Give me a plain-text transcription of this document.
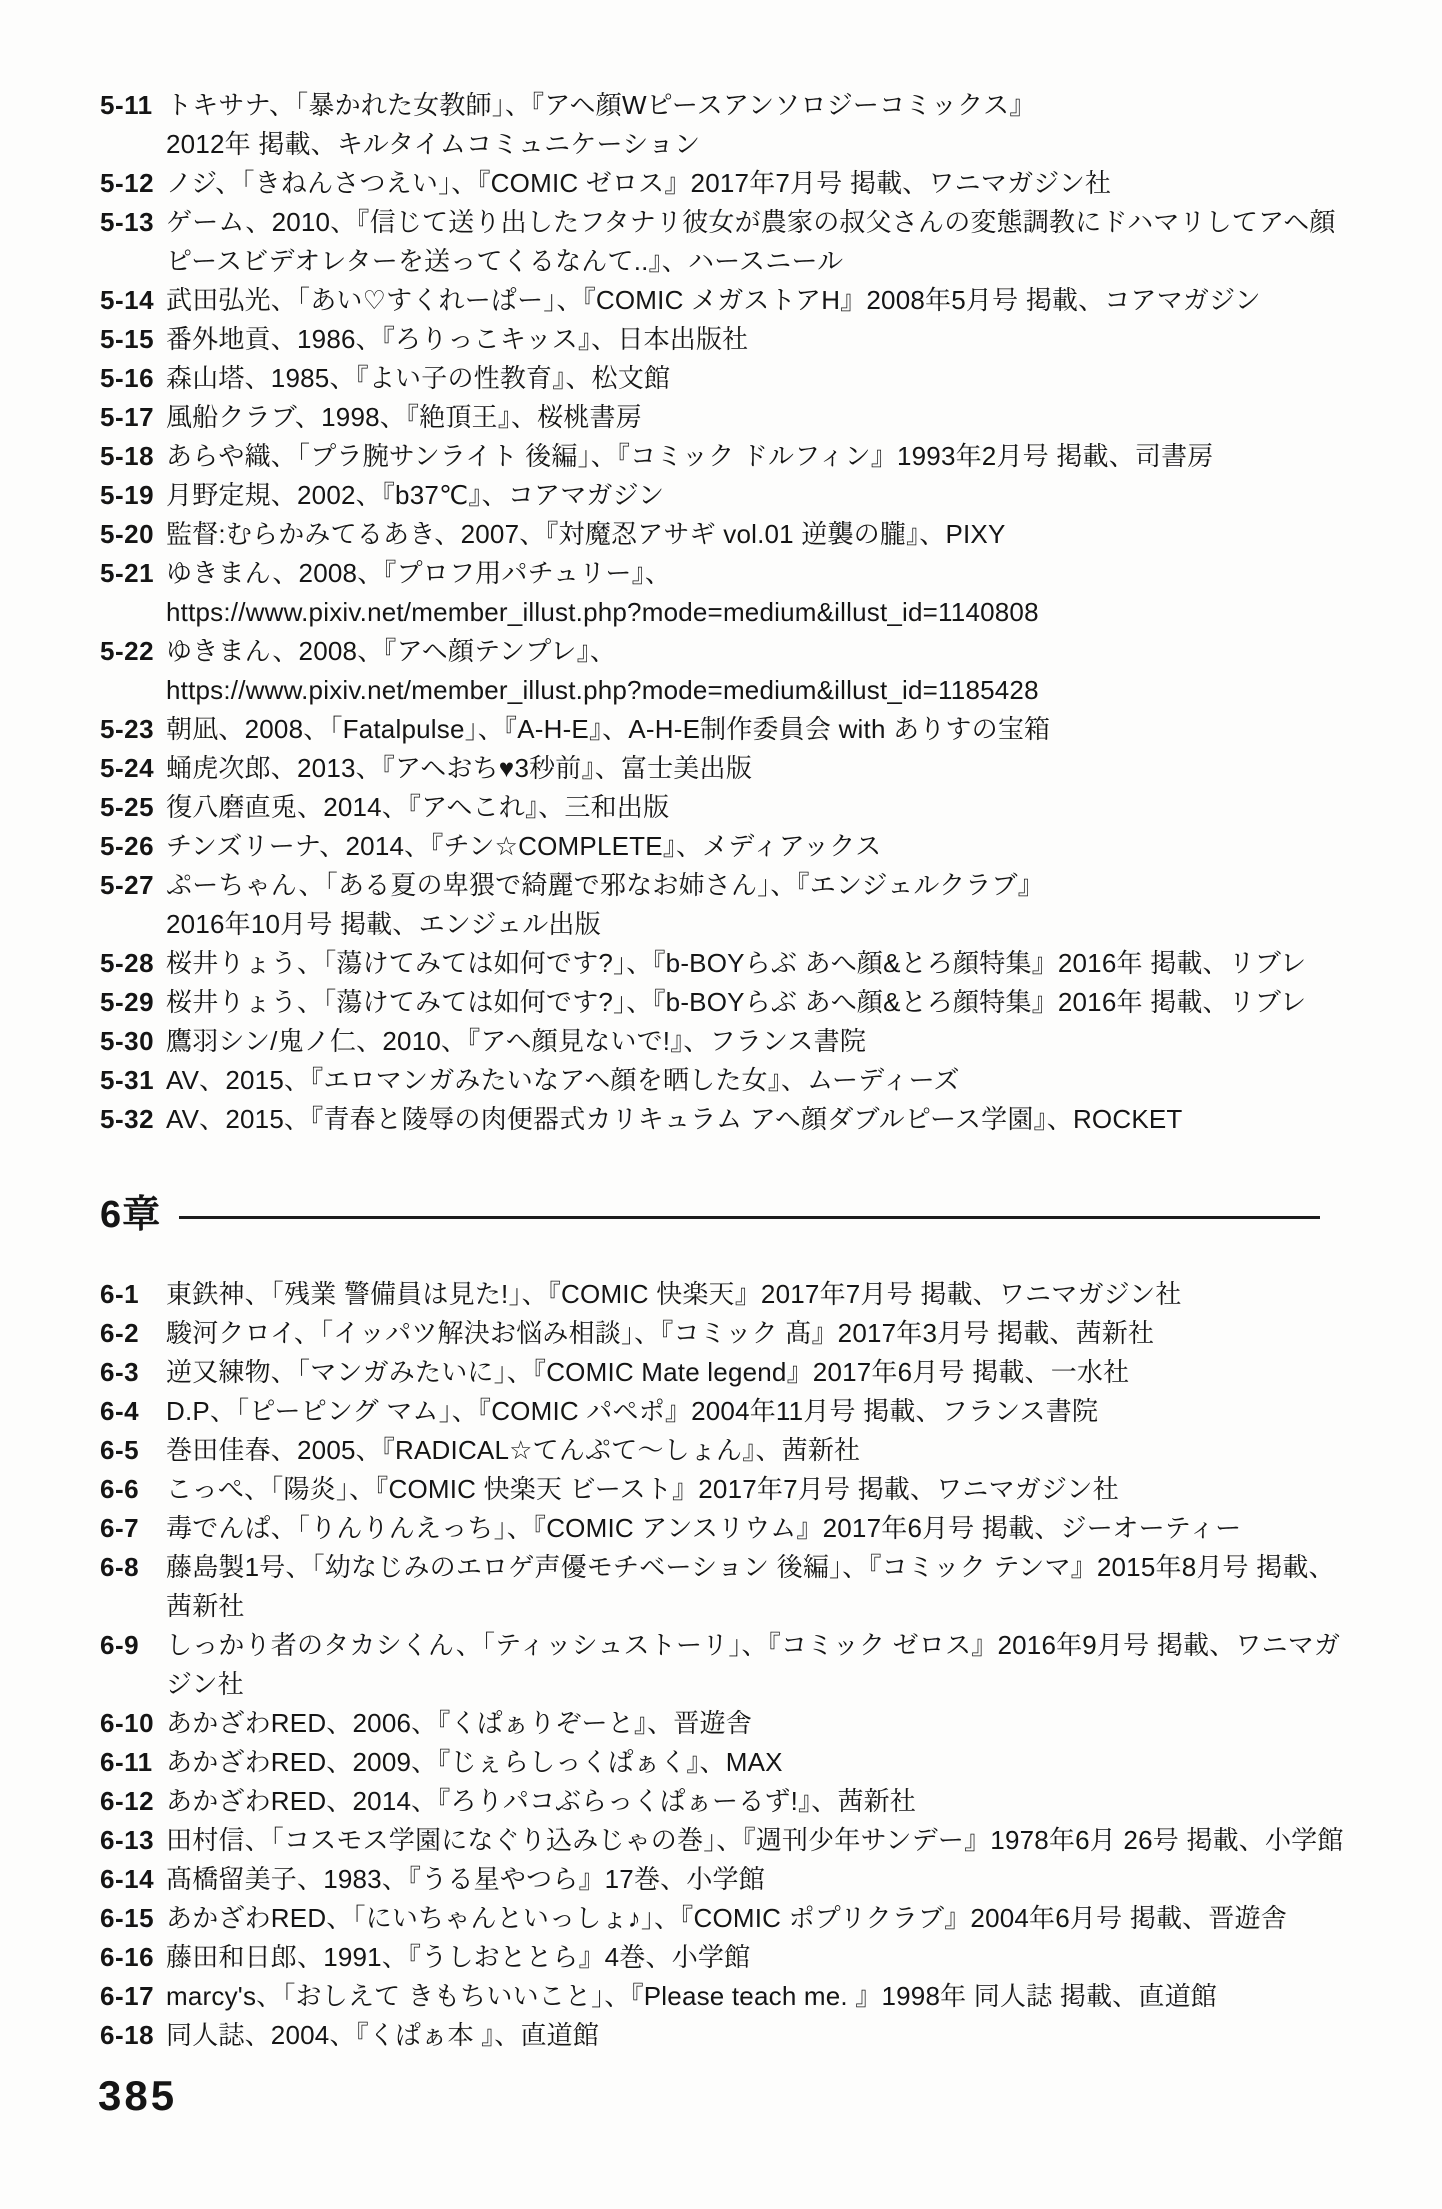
5-11 トキサナ、「暴かれた女教師」、『アヘ顔Wピースアンソロジーコミックス』
2012年 掲載、キルタイムコミュニケーション
5-12 ノジ、「きねんさつえい」、『COMIC ゼロス』2017年7月号 掲載、ワニマガジン社
5-13 ゲーム、2010、『信じて送り出したフタナリ彼女が農家の叔父さんの変態調教にドハマリしてアヘ顔
ピースビデオレターを送ってくるなんて..』、ハースニール
5-14 武田弘光、「あい♡すくれーぱー」、『COMIC メガストアH』2008年5月号 掲載、コアマガジン
5-15 番外地貢、1986、『ろりっこキッス』、日本出版社
5-16 森山塔、1985、『よい子の性教育』、松文館
5-17 風船クラブ、1998、『絶頂王』、桜桃書房
5-18 あらや織、「プラ腕サンライト 後編」、『コミック ドルフィン』1993年2月号 掲載、司書房
5-19 月野定規、2002、『b37℃』、コアマガジン
5-20 監督:むらかみてるあき、2007、『対魔忍アサギ vol.01 逆襲の朧』、PIXY
5-21 ゆきまん、2008、『プロフ用パチュリー』、
https://www.pixiv.net/member_illust.php?mode=medium&illust_id=1140808
5-22 ゆきまん、2008、『アヘ顔テンプレ』、
https://www.pixiv.net/member_illust.php?mode=medium&illust_id=1185428
5-23 朝凪、2008、「Fatalpulse」、『A-H-E』、A-H-E制作委員会 with ありすの宝箱
5-24 蛹虎次郎、2013、『アヘおち♥3秒前』、富士美出版
5-25 復八磨直兎、2014、『アヘこれ』、三和出版
5-26 チンズリーナ、2014、『チン☆COMPLETE』、メディアックス
5-27 ぷーちゃん、「ある夏の卑猥で綺麗で邪なお姉さん」、『エンジェルクラブ』
2016年10月号 掲載、エンジェル出版
5-28 桜井りょう、「蕩けてみては如何です?」、『b-BOYらぶ あへ顔&とろ顔特集』2016年 掲載、リブレ
5-29 桜井りょう、「蕩けてみては如何です?」、『b-BOYらぶ あへ顔&とろ顔特集』2016年 掲載、リブレ
5-30 鷹羽シン/鬼ノ仁、2010、『アヘ顔見ないで!』、フランス書院
5-31 AV、2015、『エロマンガみたいなアヘ顔を晒した女』、ムーディーズ
5-32 AV、2015、『青春と陵辱の肉便器式カリキュラム アヘ顔ダブルピース学園』、ROCKET
6章
6-1	東鉄神、「残業 警備員は見た!」、『COMIC 快楽天』2017年7月号 掲載、ワニマガジン社
6-2	駿河クロイ、「イッパツ解決お悩み相談」、『コミック 髙』2017年3月号 掲載、茜新社
6-3	逆又練物、「マンガみたいに」、『COMIC Mate legend』2017年6月号 掲載、一水社
6-4	D.P、「ピーピング マム」、『COMIC パペポ』2004年11月号 掲載、フランス書院
6-5	巻田佳春、2005、『RADICAL☆てんぷて〜しょん』、茜新社
6-6	こっぺ、「陽炎」、『COMIC 快楽天 ビースト』2017年7月号 掲載、ワニマガジン社
6-7	毒でんぱ、「りんりんえっち」、『COMIC アンスリウム』2017年6月号 掲載、ジーオーティー
6-8	藤島製1号、「幼なじみのエロゲ声優モチベーション 後編」、『コミック テンマ』2015年8月号 掲載、茜新社
6-9	しっかり者のタカシくん、「ティッシュストーリ」、『コミック ゼロス』2016年9月号 掲載、ワニマガジン社
6-10 あかざわRED、2006、『くぱぁりぞーと』、晋遊舎
6-11 あかざわRED、2009、『じぇらしっくぱぁく』、MAX
6-12 あかざわRED、2014、『ろりパコぶらっくぱぁーるず!』、茜新社
6-13 田村信、「コスモス学園になぐり込みじゃの巻」、『週刊少年サンデー』1978年6月 26号 掲載、小学館
6-14 髙橋留美子、1983、『うる星やつら』17巻、小学館
6-15 あかざわRED、「にいちゃんといっしょ♪」、『COMIC ポプリクラブ』2004年6月号 掲載、晋遊舎
6-16 藤田和日郎、1991、『うしおととら』4巻、小学館
6-17 marcy's、「おしえて きもちいいこと」、『Please teach me. 』1998年 同人誌 掲載、直道館
6-18 同人誌、2004、『くぱぁ本 』、直道館
385
